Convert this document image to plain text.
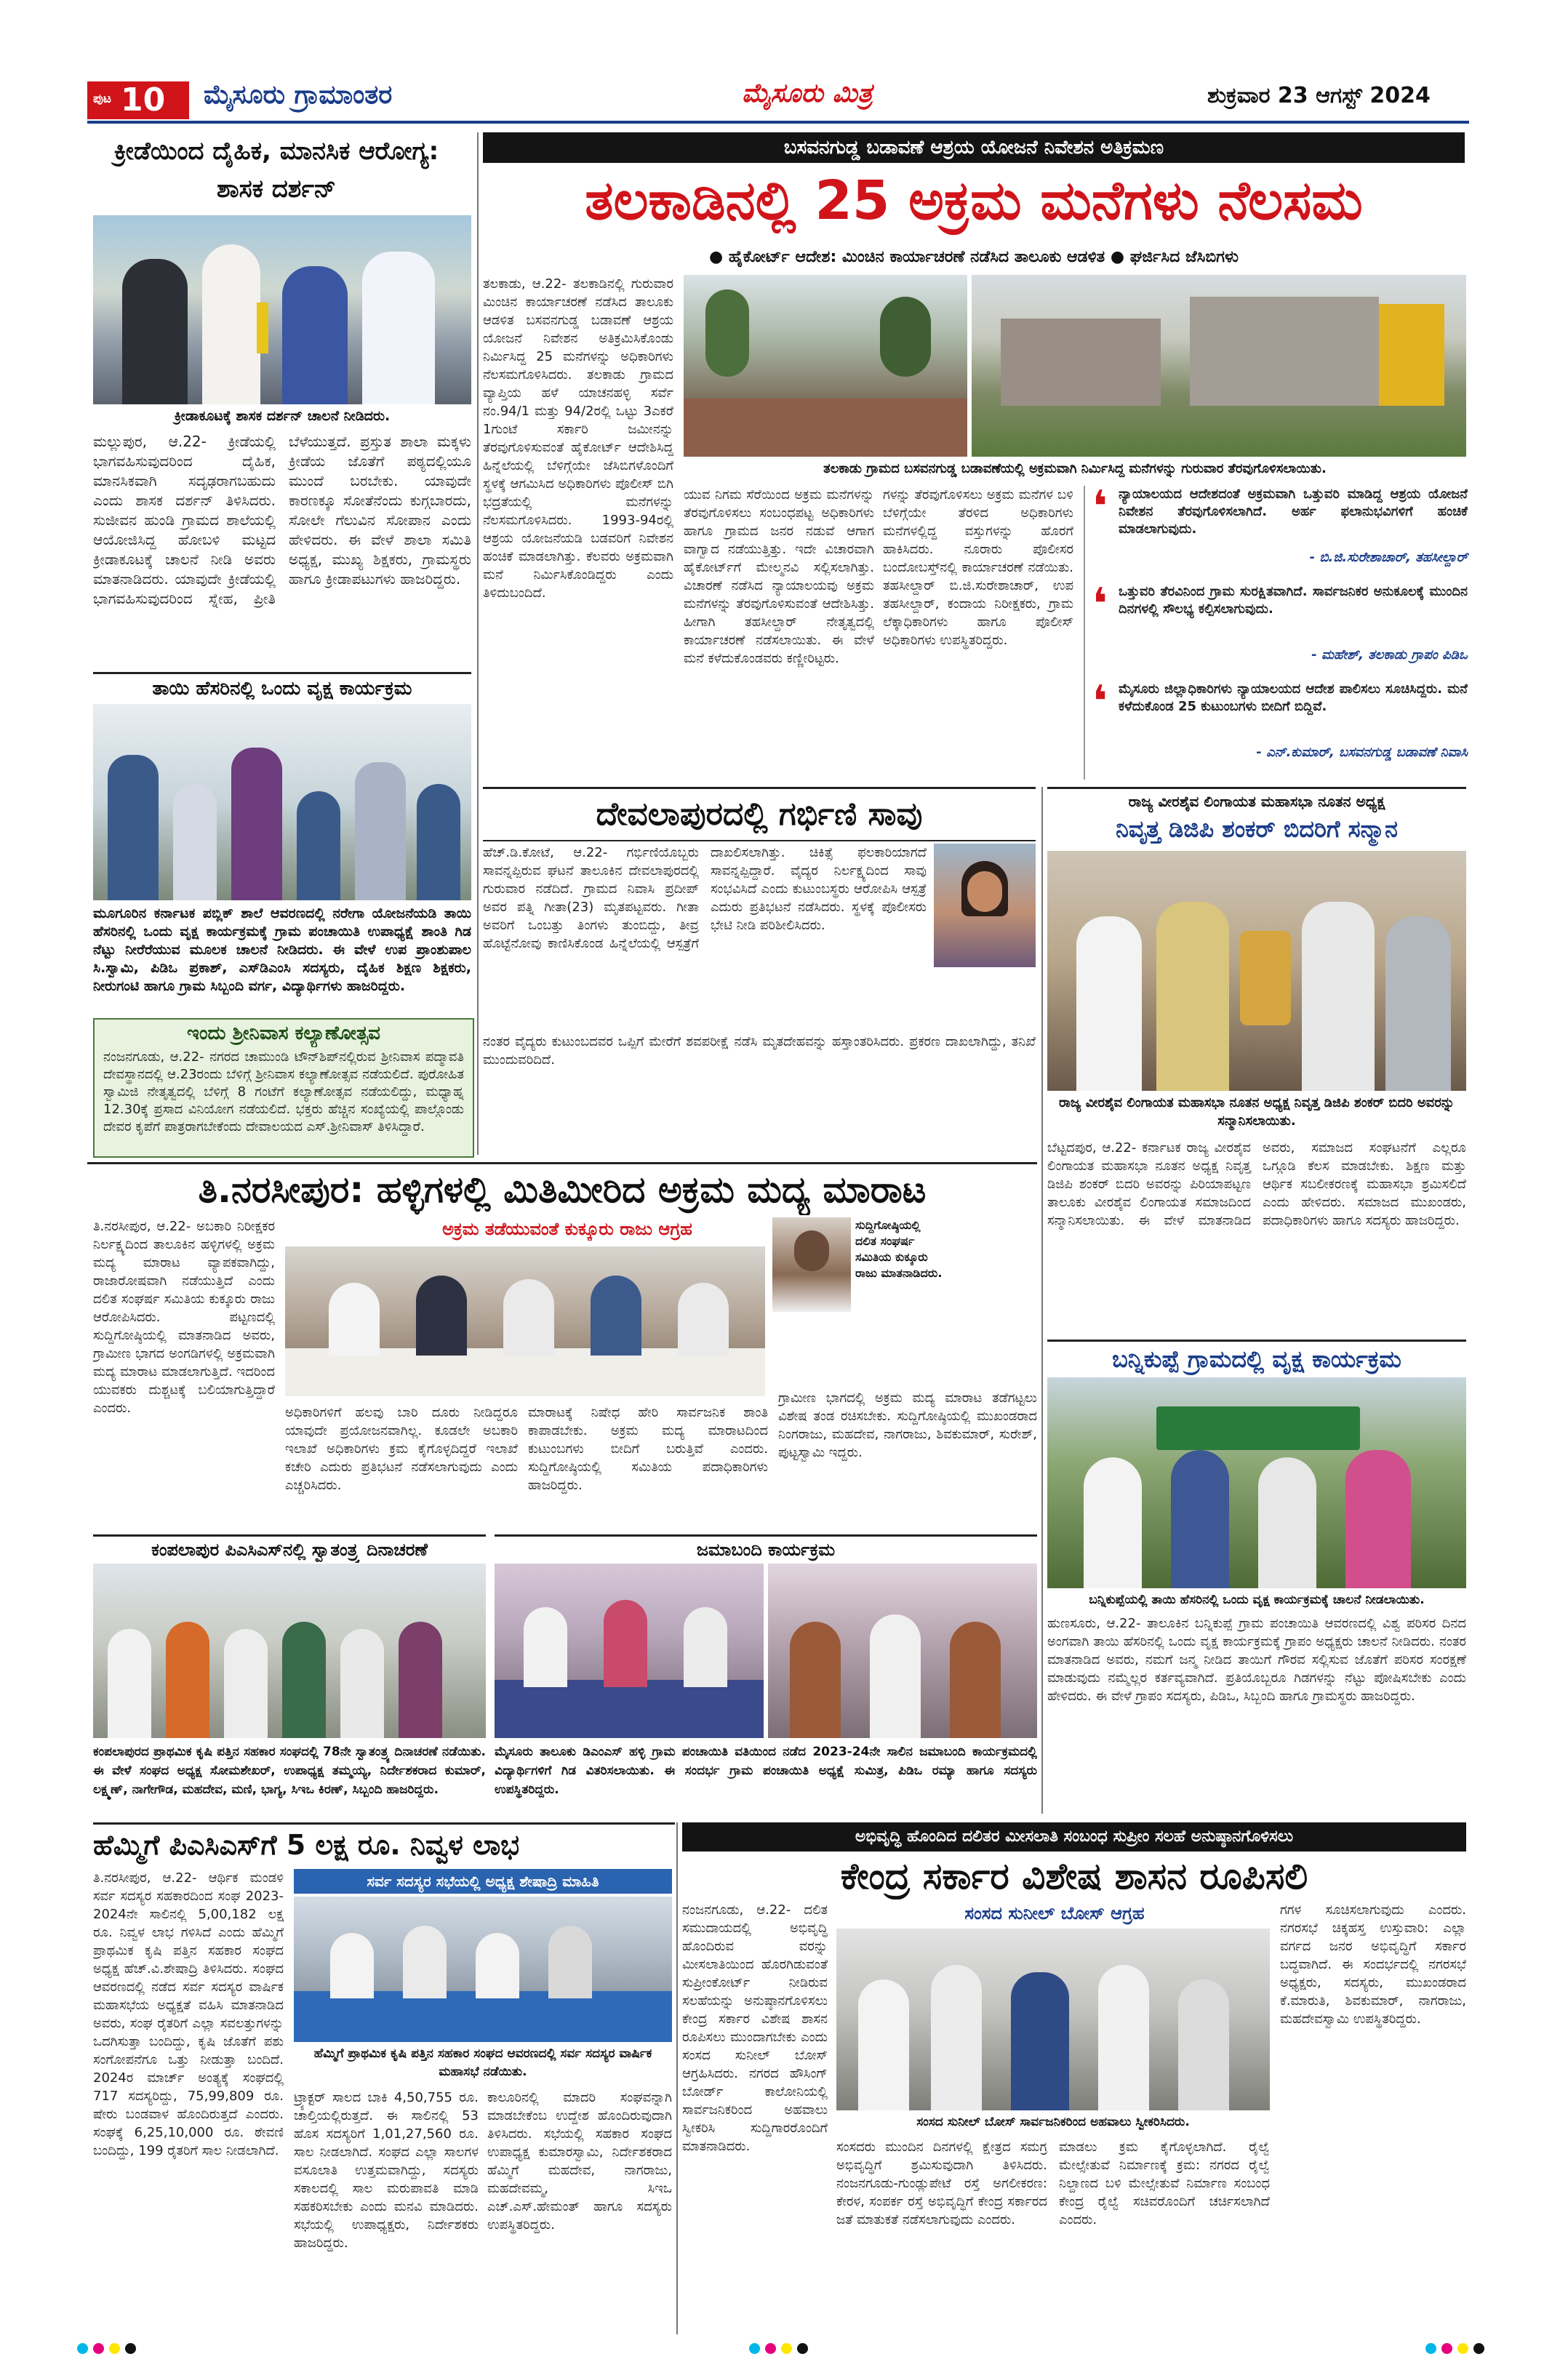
ಪುಟ 10 ಮೈಸೂರು ಗ್ರಾಮಾಂತರ	ಮೈಸೂರು ಮಿತ್ರ	ಶುಕ್ರವಾರ 23 ಆಗಸ್ಟ್ 2024
ಕ್ರೀಡೆಯಿಂದ ದೈಹಿಕ, ಮಾನಸಿಕ ಆರೋಗ್ಯ: ಶಾಸಕ ದರ್ಶನ್
ಕ್ರೀಡಾಕೂಟಕ್ಕೆ ಶಾಸಕ ದರ್ಶನ್ ಚಾಲನೆ ನೀಡಿದರು.
ಮಲ್ಲುಪುರ, ಆ.22- ಕ್ರೀಡೆಯಲ್ಲಿ ಭಾಗವಹಿಸುವುದರಿಂದ ದೈಹಿಕ, ಮಾನಸಿಕವಾಗಿ ಸದೃಢರಾಗಬಹುದು ಎಂದು ಶಾಸಕ ದರ್ಶನ್ ತಿಳಿಸಿದರು. ಸುಜೀವನ ಹುಂಡಿ ಗ್ರಾಮದ ಶಾಲೆಯಲ್ಲಿ ಆಯೋಜಿಸಿದ್ದ ಹೋಬಳಿ ಮಟ್ಟದ ಕ್ರೀಡಾಕೂಟಕ್ಕೆ ಚಾಲನೆ ನೀಡಿ ಅವರು ಮಾತನಾಡಿದರು. ಯಾವುದೇ ಕ್ರೀಡೆಯಲ್ಲಿ ಭಾಗವಹಿಸುವುದರಿಂದ ಸ್ನೇಹ, ಪ್ರೀತಿ ಬೆಳೆಯುತ್ತದೆ. ಪ್ರಸ್ತುತ ಶಾಲಾ ಮಕ್ಕಳು ಕ್ರೀಡೆಯ ಜೊತೆಗೆ ಪಠ್ಯದಲ್ಲಿಯೂ ಮುಂದೆ ಬರಬೇಕು. ಯಾವುದೇ ಕಾರಣಕ್ಕೂ ಸೋತೆನೆಂದು ಕುಗ್ಗಬಾರದು, ಸೋಲೇ ಗೆಲುವಿನ ಸೋಪಾನ ಎಂದು ಹೇಳಿದರು. ಈ ವೇಳೆ ಶಾಲಾ ಸಮಿತಿ ಅಧ್ಯಕ್ಷ, ಮುಖ್ಯ ಶಿಕ್ಷಕರು, ಗ್ರಾಮಸ್ಥರು ಹಾಗೂ ಕ್ರೀಡಾಪಟುಗಳು ಹಾಜರಿದ್ದರು.
ತಾಯಿ ಹೆಸರಿನಲ್ಲಿ ಒಂದು ವೃಕ್ಷ ಕಾರ್ಯಕ್ರಮ
ಮೂಗೂರಿನ ಕರ್ನಾಟಕ ಪಬ್ಲಿಕ್ ಶಾಲೆ ಆವರಣದಲ್ಲಿ ನರೇಗಾ ಯೋಜನೆಯಡಿ ತಾಯಿ ಹೆಸರಿನಲ್ಲಿ ಒಂದು ವೃಕ್ಷ ಕಾರ್ಯಕ್ರಮಕ್ಕೆ ಗ್ರಾಮ ಪಂಚಾಯಿತಿ ಉಪಾಧ್ಯಕ್ಷೆ ಶಾಂತಿ ಗಿಡ ನೆಟ್ಟು ನೀರೆರೆಯುವ ಮೂಲಕ ಚಾಲನೆ ನೀಡಿದರು. ಈ ವೇಳೆ ಉಪ ಪ್ರಾಂಶುಪಾಲ ಸಿ.ಸ್ವಾಮಿ, ಪಿಡಿಒ ಪ್ರಕಾಶ್, ಎಸ್‌ಡಿಎಂಸಿ ಸದಸ್ಯರು, ದೈಹಿಕ ಶಿಕ್ಷಣ ಶಿಕ್ಷಕರು, ನೀರುಗಂಟಿ ಹಾಗೂ ಗ್ರಾಮ ಸಿಬ್ಬಂದಿ ವರ್ಗ, ವಿದ್ಯಾರ್ಥಿಗಳು ಹಾಜರಿದ್ದರು.
ಇಂದು ಶ್ರೀನಿವಾಸ ಕಲ್ಯಾಣೋತ್ಸವ
ನಂಜನಗೂಡು, ಆ.22- ನಗರದ ಚಾಮುಂಡಿ ಟೌನ್‌ಶಿಪ್‌ನಲ್ಲಿರುವ ಶ್ರೀನಿವಾಸ ಪದ್ಮಾವತಿ ದೇವಸ್ಥಾನದಲ್ಲಿ ಆ.23ರಂದು ಬೆಳಿಗ್ಗೆ ಶ್ರೀನಿವಾಸ ಕಲ್ಯಾಣೋತ್ಸವ ನಡೆಯಲಿದೆ. ಪುರೋಹಿತ ಸ್ವಾಮಿಜಿ ನೇತೃತ್ವದಲ್ಲಿ ಬೆಳಿಗ್ಗೆ 8 ಗಂಟೆಗೆ ಕಲ್ಯಾಣೋತ್ಸವ ನಡೆಯಲಿದ್ದು, ಮಧ್ಯಾಹ್ನ 12.30ಕ್ಕೆ ಪ್ರಸಾದ ವಿನಿಯೋಗ ನಡೆಯಲಿದೆ. ಭಕ್ತರು ಹೆಚ್ಚಿನ ಸಂಖ್ಯೆಯಲ್ಲಿ ಪಾಲ್ಗೊಂಡು ದೇವರ ಕೃಪೆಗೆ ಪಾತ್ರರಾಗಬೇಕೆಂದು ದೇವಾಲಯದ ಎಸ್.ಶ್ರೀನಿವಾಸ್ ತಿಳಿಸಿದ್ದಾರೆ.
ಬಸವನಗುಡ್ಡ ಬಡಾವಣೆ ಆಶ್ರಯ ಯೋಜನೆ ನಿವೇಶನ ಅತಿಕ್ರಮಣ
ತಲಕಾಡಿನಲ್ಲಿ 25 ಅಕ್ರಮ ಮನೆಗಳು ನೆಲಸಮ
● ಹೈಕೋರ್ಟ್ ಆದೇಶ: ಮಿಂಚಿನ ಕಾರ್ಯಾಚರಣೆ ನಡೆಸಿದ ತಾಲೂಕು ಆಡಳಿತ ● ಘರ್ಜಿಸಿದ ಜೆಸಿಬಿಗಳು
ತಲಕಾಡು, ಆ.22- ತಲಕಾಡಿನಲ್ಲಿ ಗುರುವಾರ ಮಿಂಚಿನ ಕಾರ್ಯಾಚರಣೆ ನಡೆಸಿದ ತಾಲೂಕು ಆಡಳಿತ ಬಸವನಗುಡ್ಡ ಬಡಾವಣೆ ಆಶ್ರಯ ಯೋಜನೆ ನಿವೇಶನ ಅತಿಕ್ರಮಿಸಿಕೊಂಡು ನಿರ್ಮಿಸಿದ್ದ 25 ಮನೆಗಳನ್ನು ಅಧಿಕಾರಿಗಳು ನೆಲಸಮಗೊಳಿಸಿದರು. ತಲಕಾಡು ಗ್ರಾಮದ ವ್ಯಾಪ್ತಿಯ ಹಳೆ ಯಾಚನಹಳ್ಳಿ ಸರ್ವೆ ನಂ.94/1 ಮತ್ತು 94/2ರಲ್ಲಿ ಒಟ್ಟು 3ಎಕರೆ 1ಗುಂಟೆ ಸರ್ಕಾರಿ ಜಮೀನನ್ನು ತೆರವುಗೊಳಿಸುವಂತೆ ಹೈಕೋರ್ಟ್ ಆದೇಶಿಸಿದ್ದ ಹಿನ್ನೆಲೆಯಲ್ಲಿ ಬೆಳಿಗ್ಗೆಯೇ ಜೆಸಿಬಿಗಳೊಂದಿಗೆ ಸ್ಥಳಕ್ಕೆ ಆಗಮಿಸಿದ ಅಧಿಕಾರಿಗಳು ಪೊಲೀಸ್ ಬಿಗಿ ಭದ್ರತೆಯಲ್ಲಿ ಮನೆಗಳನ್ನು ನೆಲಸಮಗೊಳಿಸಿದರು. 1993-94ರಲ್ಲಿ ಆಶ್ರಯ ಯೋಜನೆಯಡಿ ಬಡವರಿಗೆ ನಿವೇಶನ ಹಂಚಿಕೆ ಮಾಡಲಾಗಿತ್ತು. ಕೆಲವರು ಅಕ್ರಮವಾಗಿ ಮನೆ ನಿರ್ಮಿಸಿಕೊಂಡಿದ್ದರು ಎಂದು ತಿಳಿದುಬಂದಿದೆ.
ತಲಕಾಡು ಗ್ರಾಮದ ಬಸವನಗುಡ್ಡ ಬಡಾವಣೆಯಲ್ಲಿ ಅಕ್ರಮವಾಗಿ ನಿರ್ಮಿಸಿದ್ದ ಮನೆಗಳನ್ನು ಗುರುವಾರ ತೆರವುಗೊಳಿಸಲಾಯಿತು.
ಯುವ ನಿಗಮ ಸೆರೆಯಿಂದ ಅಕ್ರಮ ಮನೆಗಳನ್ನು ತೆರವುಗೊಳಿಸಲು ಸಂಬಂಧಪಟ್ಟ ಅಧಿಕಾರಿಗಳು ಹಾಗೂ ಗ್ರಾಮದ ಜನರ ನಡುವೆ ಆಗಾಗ ವಾಗ್ವಾದ ನಡೆಯುತ್ತಿತ್ತು. ಇದೇ ವಿಚಾರವಾಗಿ ಹೈಕೋರ್ಟ್‌ಗೆ ಮೇಲ್ಮನವಿ ಸಲ್ಲಿಸಲಾಗಿತ್ತು. ವಿಚಾರಣೆ ನಡೆಸಿದ ನ್ಯಾಯಾಲಯವು ಅಕ್ರಮ ಮನೆಗಳನ್ನು ತೆರವುಗೊಳಿಸುವಂತೆ ಆದೇಶಿಸಿತ್ತು. ಹೀಗಾಗಿ ತಹಸೀಲ್ದಾರ್ ನೇತೃತ್ವದಲ್ಲಿ ಕಾರ್ಯಾಚರಣೆ ನಡೆಸಲಾಯಿತು. ಈ ವೇಳೆ ಮನೆ ಕಳೆದುಕೊಂಡವರು ಕಣ್ಣೀರಿಟ್ಟರು.
ಗಳನ್ನು ತೆರವುಗೊಳಿಸಲು ಅಕ್ರಮ ಮನೆಗಳ ಬಳಿ ಬೆಳಿಗ್ಗೆಯೇ ತೆರಳಿದ ಅಧಿಕಾರಿಗಳು ಮನೆಗಳಲ್ಲಿದ್ದ ವಸ್ತುಗಳನ್ನು ಹೊರಗೆ ಹಾಕಿಸಿದರು. ನೂರಾರು ಪೊಲೀಸರ ಬಂದೋಬಸ್ತ್‌ನಲ್ಲಿ ಕಾರ್ಯಾಚರಣೆ ನಡೆಯಿತು. ತಹಸೀಲ್ದಾರ್ ಬಿ.ಜಿ.ಸುರೇಶಾಚಾರ್, ಉಪ ತಹಸೀಲ್ದಾರ್, ಕಂದಾಯ ನಿರೀಕ್ಷಕರು, ಗ್ರಾಮ ಲೆಕ್ಕಾಧಿಕಾರಿಗಳು ಹಾಗೂ ಪೊಲೀಸ್ ಅಧಿಕಾರಿಗಳು ಉಪಸ್ಥಿತರಿದ್ದರು.
❛ ನ್ಯಾಯಾಲಯದ ಆದೇಶದಂತೆ ಅಕ್ರಮವಾಗಿ ಒತ್ತುವರಿ ಮಾಡಿದ್ದ ಆಶ್ರಯ ಯೋಜನೆ ನಿವೇಶನ ತೆರವುಗೊಳಿಸಲಾಗಿದೆ. ಅರ್ಹ ಫಲಾನುಭವಿಗಳಿಗೆ ಹಂಚಿಕೆ ಮಾಡಲಾಗುವುದು.
- ಬಿ.ಜಿ.ಸುರೇಶಾಚಾರ್, ತಹಸೀಲ್ದಾರ್
❛ ಒತ್ತುವರಿ ತೆರವಿನಿಂದ ಗ್ರಾಮ ಸುರಕ್ಷಿತವಾಗಿದೆ. ಸಾರ್ವಜನಿಕರ ಅನುಕೂಲಕ್ಕೆ ಮುಂದಿನ ದಿನಗಳಲ್ಲಿ ಸೌಲಭ್ಯ ಕಲ್ಪಿಸಲಾಗುವುದು.
- ಮಹೇಶ್, ತಲಕಾಡು ಗ್ರಾಪಂ ಪಿಡಿಒ
❛ ಮೈಸೂರು ಜಿಲ್ಲಾಧಿಕಾರಿಗಳು ನ್ಯಾಯಾಲಯದ ಆದೇಶ ಪಾಲಿಸಲು ಸೂಚಿಸಿದ್ದರು. ಮನೆ ಕಳೆದುಕೊಂಡ 25 ಕುಟುಂಬಗಳು ಬೀದಿಗೆ ಬಿದ್ದಿವೆ.
- ಎನ್.ಕುಮಾರ್, ಬಸವನಗುಡ್ಡ ಬಡಾವಣೆ ನಿವಾಸಿ
ದೇವಲಾಪುರದಲ್ಲಿ ಗರ್ಭಿಣಿ ಸಾವು
ಹೆಚ್.ಡಿ.ಕೋಟೆ, ಆ.22- ಗರ್ಭಿಣಿಯೊಬ್ಬರು ಸಾವನ್ನಪ್ಪಿರುವ ಘಟನೆ ತಾಲೂಕಿನ ದೇವಲಾಪುರದಲ್ಲಿ ಗುರುವಾರ ನಡೆದಿದೆ. ಗ್ರಾಮದ ನಿವಾಸಿ ಪ್ರದೀಪ್ ಅವರ ಪತ್ನಿ ಗೀತಾ(23) ಮೃತಪಟ್ಟವರು. ಗೀತಾ ಅವರಿಗೆ ಒಂಬತ್ತು ತಿಂಗಳು ತುಂಬಿದ್ದು, ತೀವ್ರ ಹೊಟ್ಟೆನೋವು ಕಾಣಿಸಿಕೊಂಡ ಹಿನ್ನೆಲೆಯಲ್ಲಿ ಆಸ್ಪತ್ರೆಗೆ ದಾಖಲಿಸಲಾಗಿತ್ತು. ಚಿಕಿತ್ಸೆ ಫಲಕಾರಿಯಾಗದೆ ಸಾವನ್ನಪ್ಪಿದ್ದಾರೆ. ವೈದ್ಯರ ನಿರ್ಲಕ್ಷ್ಯದಿಂದ ಸಾವು ಸಂಭವಿಸಿದೆ ಎಂದು ಕುಟುಂಬಸ್ಥರು ಆರೋಪಿಸಿ ಆಸ್ಪತ್ರೆ ಎದುರು ಪ್ರತಿಭಟನೆ ನಡೆಸಿದರು. ಸ್ಥಳಕ್ಕೆ ಪೊಲೀಸರು ಭೇಟಿ ನೀಡಿ ಪರಿಶೀಲಿಸಿದರು.
ನಂತರ ವೈದ್ಯರು ಕುಟುಂಬದವರ ಒಪ್ಪಿಗೆ ಮೇರೆಗೆ ಶವಪರೀಕ್ಷೆ ನಡೆಸಿ ಮೃತದೇಹವನ್ನು ಹಸ್ತಾಂತರಿಸಿದರು. ಪ್ರಕರಣ ದಾಖಲಾಗಿದ್ದು, ತನಿಖೆ ಮುಂದುವರಿದಿದೆ.
ರಾಜ್ಯ ವೀರಶೈವ ಲಿಂಗಾಯತ ಮಹಾಸಭಾ ನೂತನ ಅಧ್ಯಕ್ಷ
ನಿವೃತ್ತ ಡಿಜಿಪಿ ಶಂಕರ್ ಬಿದರಿಗೆ ಸನ್ಮಾನ
ರಾಜ್ಯ ವೀರಶೈವ ಲಿಂಗಾಯತ ಮಹಾಸಭಾ ನೂತನ ಅಧ್ಯಕ್ಷ ನಿವೃತ್ತ ಡಿಜಿಪಿ ಶಂಕರ್ ಬಿದರಿ ಅವರನ್ನು ಸನ್ಮಾನಿಸಲಾಯಿತು.
ಬೆಟ್ಟದಪುರ, ಆ.22- ಕರ್ನಾಟಕ ರಾಜ್ಯ ವೀರಶೈವ ಲಿಂಗಾಯತ ಮಹಾಸಭಾ ನೂತನ ಅಧ್ಯಕ್ಷ ನಿವೃತ್ತ ಡಿಜಿಪಿ ಶಂಕರ್ ಬಿದರಿ ಅವರನ್ನು ಪಿರಿಯಾಪಟ್ಟಣ ತಾಲೂಕು ವೀರಶೈವ ಲಿಂಗಾಯತ ಸಮಾಜದಿಂದ ಸನ್ಮಾನಿಸಲಾಯಿತು. ಈ ವೇಳೆ ಮಾತನಾಡಿದ ಅವರು, ಸಮಾಜದ ಸಂಘಟನೆಗೆ ಎಲ್ಲರೂ ಒಗ್ಗೂಡಿ ಕೆಲಸ ಮಾಡಬೇಕು. ಶಿಕ್ಷಣ ಮತ್ತು ಆರ್ಥಿಕ ಸಬಲೀಕರಣಕ್ಕೆ ಮಹಾಸಭಾ ಶ್ರಮಿಸಲಿದೆ ಎಂದು ಹೇಳಿದರು. ಸಮಾಜದ ಮುಖಂಡರು, ಪದಾಧಿಕಾರಿಗಳು ಹಾಗೂ ಸದಸ್ಯರು ಹಾಜರಿದ್ದರು.
ತಿ.ನರಸೀಪುರ: ಹಳ್ಳಿಗಳಲ್ಲಿ ಮಿತಿಮೀರಿದ ಅಕ್ರಮ ಮದ್ಯ ಮಾರಾಟ
ಅಕ್ರಮ ತಡೆಯುವಂತೆ ಕುಕ್ಕೂರು ರಾಜು ಆಗ್ರಹ
ತಿ.ನರಸೀಪುರ, ಆ.22- ಅಬಕಾರಿ ನಿರೀಕ್ಷಕರ ನಿರ್ಲಕ್ಷ್ಯದಿಂದ ತಾಲೂಕಿನ ಹಳ್ಳಿಗಳಲ್ಲಿ ಅಕ್ರಮ ಮದ್ಯ ಮಾರಾಟ ವ್ಯಾಪಕವಾಗಿದ್ದು, ರಾಜಾರೋಷವಾಗಿ ನಡೆಯುತ್ತಿದೆ ಎಂದು ದಲಿತ ಸಂಘರ್ಷ ಸಮಿತಿಯ ಕುಕ್ಕೂರು ರಾಜು ಆರೋಪಿಸಿದರು. ಪಟ್ಟಣದಲ್ಲಿ ಸುದ್ದಿಗೋಷ್ಠಿಯಲ್ಲಿ ಮಾತನಾಡಿದ ಅವರು, ಗ್ರಾಮೀಣ ಭಾಗದ ಅಂಗಡಿಗಳಲ್ಲಿ ಅಕ್ರಮವಾಗಿ ಮದ್ಯ ಮಾರಾಟ ಮಾಡಲಾಗುತ್ತಿದೆ. ಇದರಿಂದ ಯುವಕರು ದುಶ್ಚಟಕ್ಕೆ ಬಲಿಯಾಗುತ್ತಿದ್ದಾರೆ ಎಂದರು.
ಸುದ್ದಿಗೋಷ್ಠಿಯಲ್ಲಿ ದಲಿತ ಸಂಘರ್ಷ ಸಮಿತಿಯ ಕುಕ್ಕೂರು ರಾಜು ಮಾತನಾಡಿದರು.
ಅಧಿಕಾರಿಗಳಿಗೆ ಹಲವು ಬಾರಿ ದೂರು ನೀಡಿದ್ದರೂ ಯಾವುದೇ ಪ್ರಯೋಜನವಾಗಿಲ್ಲ. ಕೂಡಲೇ ಅಬಕಾರಿ ಇಲಾಖೆ ಅಧಿಕಾರಿಗಳು ಕ್ರಮ ಕೈಗೊಳ್ಳದಿದ್ದರೆ ಇಲಾಖೆ ಕಚೇರಿ ಎದುರು ಪ್ರತಿಭಟನೆ ನಡೆಸಲಾಗುವುದು ಎಂದು ಎಚ್ಚರಿಸಿದರು.
ಮಾರಾಟಕ್ಕೆ ನಿಷೇಧ ಹೇರಿ ಸಾರ್ವಜನಿಕ ಶಾಂತಿ ಕಾಪಾಡಬೇಕು. ಅಕ್ರಮ ಮದ್ಯ ಮಾರಾಟದಿಂದ ಕುಟುಂಬಗಳು ಬೀದಿಗೆ ಬರುತ್ತಿವೆ ಎಂದರು. ಸುದ್ದಿಗೋಷ್ಠಿಯಲ್ಲಿ ಸಮಿತಿಯ ಪದಾಧಿಕಾರಿಗಳು ಹಾಜರಿದ್ದರು.
ಗ್ರಾಮೀಣ ಭಾಗದಲ್ಲಿ ಅಕ್ರಮ ಮದ್ಯ ಮಾರಾಟ ತಡೆಗಟ್ಟಲು ವಿಶೇಷ ತಂಡ ರಚಿಸಬೇಕು. ಸುದ್ದಿಗೋಷ್ಠಿಯಲ್ಲಿ ಮುಖಂಡರಾದ ನಿಂಗರಾಜು, ಮಹದೇವ, ನಾಗರಾಜು, ಶಿವಕುಮಾರ್, ಸುರೇಶ್, ಪುಟ್ಟಸ್ವಾಮಿ ಇದ್ದರು.
ಬನ್ನಿಕುಪ್ಪೆ ಗ್ರಾಮದಲ್ಲಿ ವೃಕ್ಷ ಕಾರ್ಯಕ್ರಮ
ಬನ್ನಿಕುಪ್ಪೆಯಲ್ಲಿ ತಾಯಿ ಹೆಸರಿನಲ್ಲಿ ಒಂದು ವೃಕ್ಷ ಕಾರ್ಯಕ್ರಮಕ್ಕೆ ಚಾಲನೆ ನೀಡಲಾಯಿತು.
ಹುಣಸೂರು, ಆ.22- ತಾಲೂಕಿನ ಬನ್ನಿಕುಪ್ಪೆ ಗ್ರಾಮ ಪಂಚಾಯಿತಿ ಆವರಣದಲ್ಲಿ ವಿಶ್ವ ಪರಿಸರ ದಿನದ ಅಂಗವಾಗಿ ತಾಯಿ ಹೆಸರಿನಲ್ಲಿ ಒಂದು ವೃಕ್ಷ ಕಾರ್ಯಕ್ರಮಕ್ಕೆ ಗ್ರಾಪಂ ಅಧ್ಯಕ್ಷರು ಚಾಲನೆ ನೀಡಿದರು. ನಂತರ ಮಾತನಾಡಿದ ಅವರು, ನಮಗೆ ಜನ್ಮ ನೀಡಿದ ತಾಯಿಗೆ ಗೌರವ ಸಲ್ಲಿಸುವ ಜೊತೆಗೆ ಪರಿಸರ ಸಂರಕ್ಷಣೆ ಮಾಡುವುದು ನಮ್ಮೆಲ್ಲರ ಕರ್ತವ್ಯವಾಗಿದೆ. ಪ್ರತಿಯೊಬ್ಬರೂ ಗಿಡಗಳನ್ನು ನೆಟ್ಟು ಪೋಷಿಸಬೇಕು ಎಂದು ಹೇಳಿದರು. ಈ ವೇಳೆ ಗ್ರಾಪಂ ಸದಸ್ಯರು, ಪಿಡಿಒ, ಸಿಬ್ಬಂದಿ ಹಾಗೂ ಗ್ರಾಮಸ್ಥರು ಹಾಜರಿದ್ದರು.
ಕಂಪಲಾಪುರ ಪಿಎಸಿಎಸ್‌ನಲ್ಲಿ ಸ್ವಾತಂತ್ರ್ಯ ದಿನಾಚರಣೆ
ಕಂಪಲಾಪುರದ ಪ್ರಾಥಮಿಕ ಕೃಷಿ ಪತ್ತಿನ ಸಹಕಾರ ಸಂಘದಲ್ಲಿ 78ನೇ ಸ್ವಾತಂತ್ರ್ಯ ದಿನಾಚರಣೆ ನಡೆಯಿತು. ಈ ವೇಳೆ ಸಂಘದ ಅಧ್ಯಕ್ಷ ಸೋಮಶೇಖರ್, ಉಪಾಧ್ಯಕ್ಷ ತಮ್ಮಯ್ಯ, ನಿರ್ದೇಶಕರಾದ ಕುಮಾರ್, ಲಕ್ಷ್ಮಣ್, ನಾಗೇಗೌಡ, ಮಹದೇವ, ಮಣಿ, ಭಾಗ್ಯ, ಸಿಇಒ ಕಿರಣ್, ಸಿಬ್ಬಂದಿ ಹಾಜರಿದ್ದರು.
ಜಮಾಬಂದಿ ಕಾರ್ಯಕ್ರಮ
ಮೈಸೂರು ತಾಲೂಕು ಡಿಎಂಎಸ್ ಹಳ್ಳಿ ಗ್ರಾಮ ಪಂಚಾಯಿತಿ ವತಿಯಿಂದ ನಡೆದ 2023-24ನೇ ಸಾಲಿನ ಜಮಾಬಂದಿ ಕಾರ್ಯಕ್ರಮದಲ್ಲಿ ವಿದ್ಯಾರ್ಥಿಗಳಿಗೆ ಗಿಡ ವಿತರಿಸಲಾಯಿತು. ಈ ಸಂದರ್ಭ ಗ್ರಾಮ ಪಂಚಾಯಿತಿ ಅಧ್ಯಕ್ಷೆ ಸುಮಿತ್ರ, ಪಿಡಿಒ ರಮ್ಯಾ ಹಾಗೂ ಸದಸ್ಯರು ಉಪಸ್ಥಿತರಿದ್ದರು.
ಹೆಮ್ಮಿಗೆ ಪಿಎಸಿಎಸ್‌ಗೆ 5 ಲಕ್ಷ ರೂ. ನಿವ್ವಳ ಲಾಭ
ತಿ.ನರಸೀಪುರ, ಆ.22- ಆರ್ಥಿಕ ಮಂಡಳಿ ಸರ್ವ ಸದಸ್ಯರ ಸಹಕಾರದಿಂದ ಸಂಘ 2023-2024ನೇ ಸಾಲಿನಲ್ಲಿ 5,00,182 ಲಕ್ಷ ರೂ. ನಿವ್ವಳ ಲಾಭ ಗಳಿಸಿದೆ ಎಂದು ಹೆಮ್ಮಿಗೆ ಪ್ರಾಥಮಿಕ ಕೃಷಿ ಪತ್ತಿನ ಸಹಕಾರ ಸಂಘದ ಅಧ್ಯಕ್ಷ ಹೆಚ್.ವಿ.ಶೇಷಾದ್ರಿ ತಿಳಿಸಿದರು. ಸಂಘದ ಆವರಣದಲ್ಲಿ ನಡೆದ ಸರ್ವ ಸದಸ್ಯರ ವಾರ್ಷಿಕ ಮಹಾಸಭೆಯ ಅಧ್ಯಕ್ಷತೆ ವಹಿಸಿ ಮಾತನಾಡಿದ ಅವರು, ಸಂಘ ರೈತರಿಗೆ ಎಲ್ಲಾ ಸವಲತ್ತುಗಳನ್ನು ಒದಗಿಸುತ್ತಾ ಬಂದಿದ್ದು, ಕೃಷಿ ಜೊತೆಗೆ ಪಶು ಸಂಗೋಪನೆಗೂ ಒತ್ತು ನೀಡುತ್ತಾ ಬಂದಿದೆ. 2024ರ ಮಾರ್ಚ್ ಅಂತ್ಯಕ್ಕೆ ಸಂಘದಲ್ಲಿ 717 ಸದಸ್ಯರಿದ್ದು, 75,99,809 ರೂ. ಷೇರು ಬಂಡವಾಳ ಹೊಂದಿರುತ್ತದೆ ಎಂದರು. ಸಂಘಕ್ಕೆ 6,25,10,000 ರೂ. ಠೇವಣಿ ಬಂದಿದ್ದು, 199 ರೈತರಿಗೆ ಸಾಲ ನೀಡಲಾಗಿದೆ.
ಸರ್ವ ಸದಸ್ಯರ ಸಭೆಯಲ್ಲಿ ಅಧ್ಯಕ್ಷ ಶೇಷಾದ್ರಿ ಮಾಹಿತಿ
ಹೆಮ್ಮಿಗೆ ಪ್ರಾಥಮಿಕ ಕೃಷಿ ಪತ್ತಿನ ಸಹಕಾರ ಸಂಘದ ಆವರಣದಲ್ಲಿ ಸರ್ವ ಸದಸ್ಯರ ವಾರ್ಷಿಕ ಮಹಾಸಭೆ ನಡೆಯಿತು.
ಟ್ರ್ಯಾಕ್ಟರ್ ಸಾಲದ ಬಾಕಿ 4,50,755 ರೂ. ಚಾಲ್ತಿಯಲ್ಲಿರುತ್ತದೆ. ಈ ಸಾಲಿನಲ್ಲಿ 53 ಹೊಸ ಸದಸ್ಯರಿಗೆ 1,01,27,560 ರೂ. ಸಾಲ ನೀಡಲಾಗಿದೆ. ಸಂಘದ ಎಲ್ಲಾ ಸಾಲಗಳ ವಸೂಲಾತಿ ಉತ್ತಮವಾಗಿದ್ದು, ಸದಸ್ಯರು ಸಕಾಲದಲ್ಲಿ ಸಾಲ ಮರುಪಾವತಿ ಮಾಡಿ ಸಹಕರಿಸಬೇಕು ಎಂದು ಮನವಿ ಮಾಡಿದರು. ಸಭೆಯಲ್ಲಿ ಉಪಾಧ್ಯಕ್ಷರು, ನಿರ್ದೇಶಕರು ಹಾಜರಿದ್ದರು.
ಕಾಲೂರಿನಲ್ಲಿ ಮಾದರಿ ಸಂಘವನ್ನಾಗಿ ಮಾಡಬೇಕೆಂಬ ಉದ್ದೇಶ ಹೊಂದಿರುವುದಾಗಿ ತಿಳಿಸಿದರು. ಸಭೆಯಲ್ಲಿ ಸಹಕಾರ ಸಂಘದ ಉಪಾಧ್ಯಕ್ಷ ಕುಮಾರಸ್ವಾಮಿ, ನಿರ್ದೇಶಕರಾದ ಹೆಮ್ಮಿಗೆ ಮಹದೇವ, ನಾಗರಾಜು, ಮಹದೇವಮ್ಮ, ಸಿಇಒ ಎಚ್.ಎಸ್.ಹೇಮಂತ್ ಹಾಗೂ ಸದಸ್ಯರು ಉಪಸ್ಥಿತರಿದ್ದರು.
ಅಭಿವೃದ್ಧಿ ಹೊಂದಿದ ದಲಿತರ ಮೀಸಲಾತಿ ಸಂಬಂಧ ಸುಪ್ರೀಂ ಸಲಹೆ ಅನುಷ್ಠಾನಗೊಳಿಸಲು
ಕೇಂದ್ರ ಸರ್ಕಾರ ವಿಶೇಷ ಶಾಸನ ರೂಪಿಸಲಿ
ಸಂಸದ ಸುನೀಲ್ ಬೋಸ್ ಆಗ್ರಹ
ನಂಜನಗೂಡು, ಆ.22- ದಲಿತ ಸಮುದಾಯದಲ್ಲಿ ಅಭಿವೃದ್ಧಿ ಹೊಂದಿರುವ ವರನ್ನು ಮೀಸಲಾತಿಯಿಂದ ಹೊರಗಿಡುವಂತೆ ಸುಪ್ರೀಂಕೋರ್ಟ್ ನೀಡಿರುವ ಸಲಹೆಯನ್ನು ಅನುಷ್ಠಾನಗೊಳಿಸಲು ಕೇಂದ್ರ ಸರ್ಕಾರ ವಿಶೇಷ ಶಾಸನ ರೂಪಿಸಲು ಮುಂದಾಗಬೇಕು ಎಂದು ಸಂಸದ ಸುನೀಲ್ ಬೋಸ್ ಆಗ್ರಹಿಸಿದರು. ನಗರದ ಹೌಸಿಂಗ್ ಬೋರ್ಡ್ ಕಾಲೋನಿಯಲ್ಲಿ ಸಾರ್ವಜನಿಕರಿಂದ ಅಹವಾಲು ಸ್ವೀಕರಿಸಿ ಸುದ್ದಿಗಾರರೊಂದಿಗೆ ಮಾತನಾಡಿದರು.
ಸಂಸದ ಸುನೀಲ್ ಬೋಸ್ ಸಾರ್ವಜನಿಕರಿಂದ ಅಹವಾಲು ಸ್ವೀಕರಿಸಿದರು.
ಸಂಸದರು ಮುಂದಿನ ದಿನಗಳಲ್ಲಿ ಕ್ಷೇತ್ರದ ಸಮಗ್ರ ಅಭಿವೃದ್ಧಿಗೆ ಶ್ರಮಿಸುವುದಾಗಿ ತಿಳಿಸಿದರು. ನಂಜನಗೂಡು-ಗುಂಡ್ಲುಪೇಟೆ ರಸ್ತೆ ಅಗಲೀಕರಣ: ಕೇರಳ, ಸಂಪರ್ಕ ರಸ್ತೆ ಅಭಿವೃದ್ಧಿಗೆ ಕೇಂದ್ರ ಸರ್ಕಾರದ ಜತೆ ಮಾತುಕತೆ ನಡೆಸಲಾಗುವುದು ಎಂದರು.
ಮಾಡಲು ಕ್ರಮ ಕೈಗೊಳ್ಳಲಾಗಿದೆ. ರೈಲ್ವೆ ಮೇಲ್ಸೇತುವೆ ನಿರ್ಮಾಣಕ್ಕೆ ಕ್ರಮ: ನಗರದ ರೈಲ್ವೆ ನಿಲ್ದಾಣದ ಬಳಿ ಮೇಲ್ಸೇತುವೆ ನಿರ್ಮಾಣ ಸಂಬಂಧ ಕೇಂದ್ರ ರೈಲ್ವೆ ಸಚಿವರೊಂದಿಗೆ ಚರ್ಚಿಸಲಾಗಿದೆ ಎಂದರು.
ಗಗಳ ಸೂಚಿಸಲಾಗುವುದು ಎಂದರು. ನಗರಸಭೆ ಚಿಕ್ಕಹಸ್ತ ಉಸ್ತುವಾರಿ: ಎಲ್ಲಾ ವರ್ಗದ ಜನರ ಅಭಿವೃದ್ಧಿಗೆ ಸರ್ಕಾರ ಬದ್ಧವಾಗಿದೆ. ಈ ಸಂದರ್ಭದಲ್ಲಿ ನಗರಸಭೆ ಅಧ್ಯಕ್ಷರು, ಸದಸ್ಯರು, ಮುಖಂಡರಾದ ಕೆ.ಮಾರುತಿ, ಶಿವಕುಮಾರ್, ನಾಗರಾಜು, ಮಹದೇವಸ್ವಾಮಿ ಉಪಸ್ಥಿತರಿದ್ದರು.
